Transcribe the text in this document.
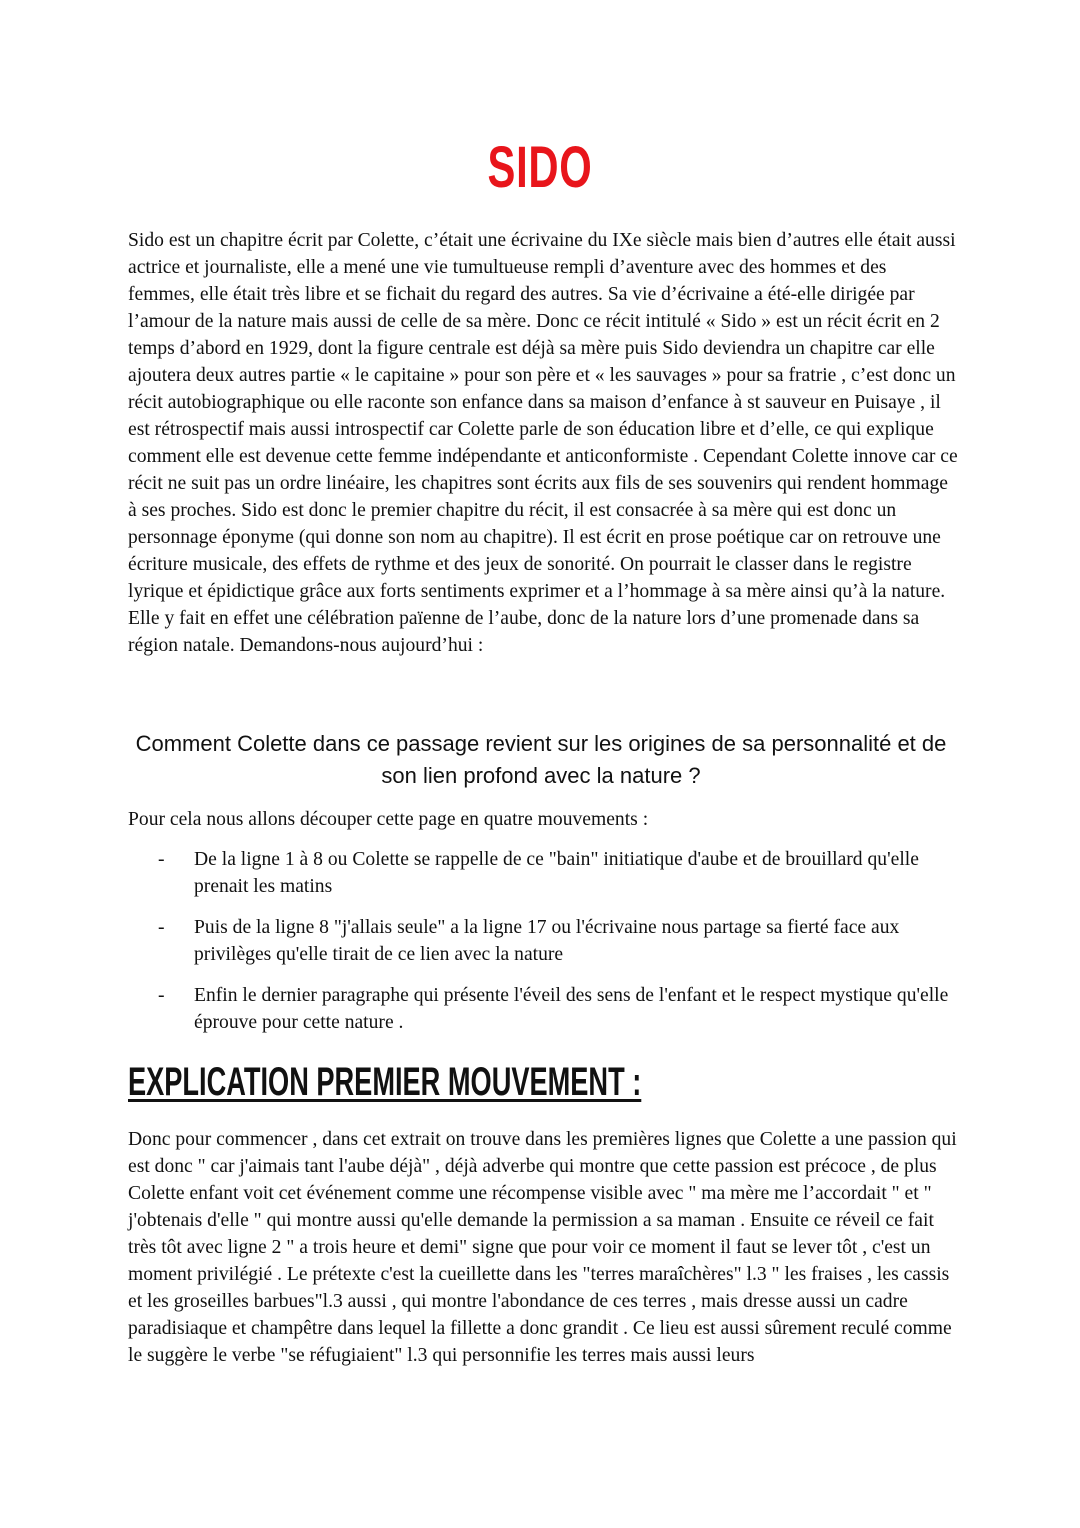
SIDO

Sido est un chapitre écrit par Colette, c’était une écrivaine du IXe siècle mais bien d’autres elle était aussi actrice et journaliste, elle a mené une vie tumultueuse rempli d’aventure avec des hommes et des femmes, elle était très libre et se fichait du regard des autres. Sa vie d’écrivaine a été-elle dirigée par l’amour de la nature mais aussi de celle de sa mère. Donc ce récit intitulé « Sido » est un récit écrit en 2 temps d’abord en 1929, dont la figure centrale est déjà sa mère puis Sido deviendra un chapitre car elle ajoutera deux autres partie « le capitaine » pour son père et « les sauvages » pour sa fratrie , c’est donc un récit autobiographique ou elle raconte son enfance dans sa maison d’enfance à st sauveur en Puisaye , il est rétrospectif mais aussi introspectif car Colette parle de son éducation libre et d’elle, ce qui explique comment elle est devenue cette femme indépendante et anticonformiste . Cependant Colette innove car ce récit ne suit pas un ordre linéaire, les chapitres sont écrits aux fils de ses souvenirs qui rendent hommage à ses proches. Sido est donc le premier chapitre du récit, il est consacrée à sa mère qui est donc un personnage éponyme (qui donne son nom au chapitre). Il est écrit en prose poétique car on retrouve une écriture musicale, des effets de rythme et des jeux de sonorité. On pourrait le classer dans le registre lyrique et épidictique grâce aux forts sentiments exprimer et a l’hommage à sa mère ainsi qu’à la nature. Elle y fait en effet une célébration païenne de l’aube, donc de la nature lors d’une promenade dans sa région natale. Demandons-nous aujourd’hui :

Comment Colette dans ce passage revient sur les origines de sa personnalité et de son lien profond avec la nature ?

Pour cela nous allons découper cette page en quatre mouvements :

- De la ligne 1 à 8 ou Colette se rappelle de ce "bain" initiatique d'aube et de brouillard qu'elle prenait les matins
- Puis de la ligne 8 "j'allais seule" a la ligne 17 ou l'écrivaine nous partage sa fierté face aux privilèges qu'elle tirait de ce lien avec la nature
- Enfin le dernier paragraphe qui présente l'éveil des sens de l'enfant et le respect mystique qu'elle éprouve pour cette nature .
EXPLICATION PREMIER MOUVEMENT :

Donc pour commencer , dans cet extrait on trouve dans les premières lignes que Colette a une passion qui est donc " car j'aimais tant l'aube déjà" , déjà adverbe qui montre que cette passion est précoce , de plus Colette enfant voit cet événement comme une récompense visible avec " ma mère me l’accordait " et " j'obtenais d'elle " qui montre aussi qu'elle demande la permission a sa maman . Ensuite ce réveil ce fait très tôt avec ligne 2 " a trois heure et demi" signe que pour voir ce moment il faut se lever tôt , c'est un moment privilégié . Le prétexte c'est la cueillette dans les "terres maraîchères" l.3 " les fraises , les cassis et les groseilles barbues"l.3 aussi , qui montre l'abondance de ces terres , mais dresse aussi un cadre paradisiaque et champêtre dans lequel la fillette a donc grandit . Ce lieu est aussi sûrement reculé comme le suggère le verbe "se réfugiaient" l.3 qui personnifie les terres mais aussi leurs
